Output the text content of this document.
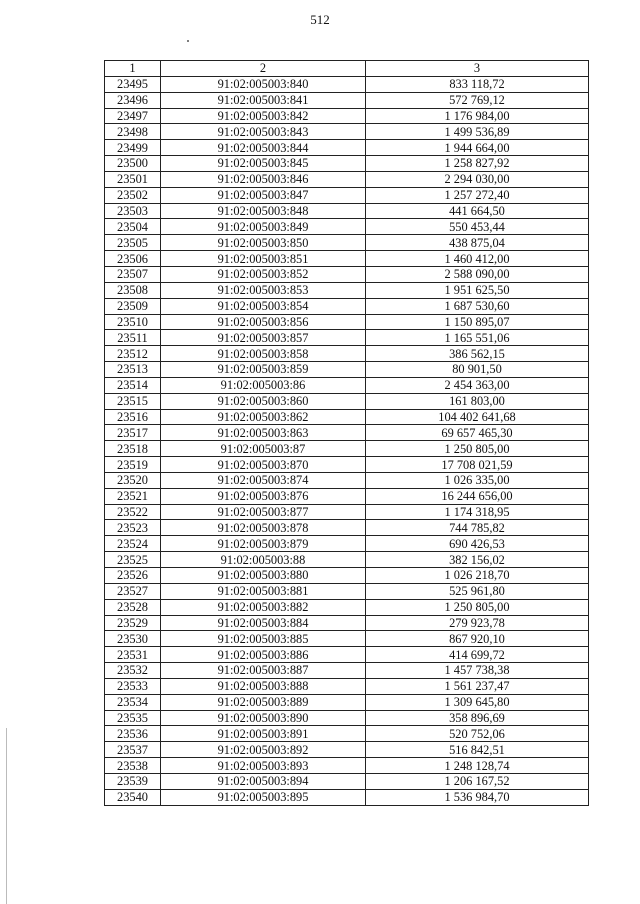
512
1	2	3
23495	91:02:005003:840	833 118,72
23496	91:02:005003:841	572 769,12
23497	91:02:005003:842	1 176 984,00
23498	91:02:005003:843	1 499 536,89
23499	91:02:005003:844	1 944 664,00
23500	91:02:005003:845	1 258 827,92
23501	91:02:005003:846	2 294 030,00
23502	91:02:005003:847	1 257 272,40
23503	91:02:005003:848	441 664,50
23504	91:02:005003:849	550 453,44
23505	91:02:005003:850	438 875,04
23506	91:02:005003:851	1 460 412,00
23507	91:02:005003:852	2 588 090,00
23508	91:02:005003:853	1 951 625,50
23509	91:02:005003:854	1 687 530,60
23510	91:02:005003:856	1 150 895,07
23511	91:02:005003:857	1 165 551,06
23512	91:02:005003:858	386 562,15
23513	91:02:005003:859	80 901,50
23514	91:02:005003:86	2 454 363,00
23515	91:02:005003:860	161 803,00
23516	91:02:005003:862	104 402 641,68
23517	91:02:005003:863	69 657 465,30
23518	91:02:005003:87	1 250 805,00
23519	91:02:005003:870	17 708 021,59
23520	91:02:005003:874	1 026 335,00
23521	91:02:005003:876	16 244 656,00
23522	91:02:005003:877	1 174 318,95
23523	91:02:005003:878	744 785,82
23524	91:02:005003:879	690 426,53
23525	91:02:005003:88	382 156,02
23526	91:02:005003:880	1 026 218,70
23527	91:02:005003:881	525 961,80
23528	91:02:005003:882	1 250 805,00
23529	91:02:005003:884	279 923,78
23530	91:02:005003:885	867 920,10
23531	91:02:005003:886	414 699,72
23532	91:02:005003:887	1 457 738,38
23533	91:02:005003:888	1 561 237,47
23534	91:02:005003:889	1 309 645,80
23535	91:02:005003:890	358 896,69
23536	91:02:005003:891	520 752,06
23537	91:02:005003:892	516 842,51
23538	91:02:005003:893	1 248 128,74
23539	91:02:005003:894	1 206 167,52
23540	91:02:005003:895	1 536 984,70
